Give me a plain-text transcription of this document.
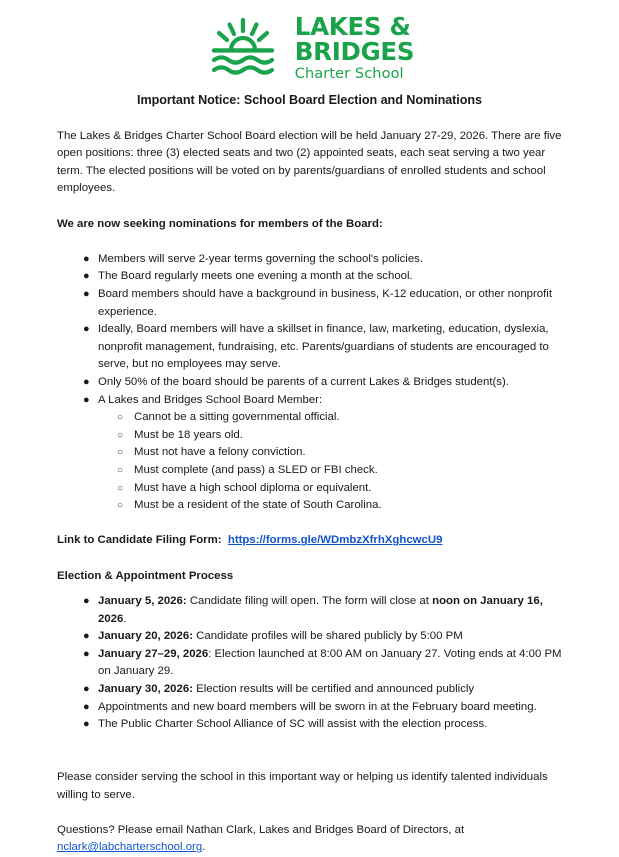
LAKES &
BRIDGES
Charter School
Important Notice: School Board Election and Nominations

The Lakes & Bridges Charter School Board election will be held January 27-29, 2026. There are five open positions: three (3) elected seats and two (2) appointed seats, each seat serving a two year term. The elected positions will be voted on by parents/guardians of enrolled students and school employees.

We are now seeking nominations for members of the Board:

● Members will serve 2-year terms governing the school's policies.
● The Board regularly meets one evening a month at the school.
● Board members should have a background in business, K-12 education, or other nonprofit experience.
● Ideally, Board members will have a skillset in finance, law, marketing, education, dyslexia, nonprofit management, fundraising, etc. Parents/guardians of students are encouraged to serve, but no employees may serve.
● Only 50% of the board should be parents of a current Lakes & Bridges student(s).
● A Lakes and Bridges School Board Member:
○ Cannot be a sitting governmental official.
○ Must be 18 years old.
○ Must not have a felony conviction.
○ Must complete (and pass) a SLED or FBI check.
○ Must have a high school diploma or equivalent.
○ Must be a resident of the state of South Carolina.

Link to Candidate Filing Form: https://forms.gle/WDmbzXfrhXghcwcU9

Election & Appointment Process

● January 5, 2026: Candidate filing will open. The form will close at noon on January 16, 2026.
● January 20, 2026: Candidate profiles will be shared publicly by 5:00 PM
● January 27–29, 2026: Election launched at 8:00 AM on January 27. Voting ends at 4:00 PM on January 29.
● January 30, 2026: Election results will be certified and announced publicly
● Appointments and new board members will be sworn in at the February board meeting.
● The Public Charter School Alliance of SC will assist with the election process.

Please consider serving the school in this important way or helping us identify talented individuals willing to serve.

Questions? Please email Nathan Clark, Lakes and Bridges Board of Directors, at nclark@labcharterschool.org.
